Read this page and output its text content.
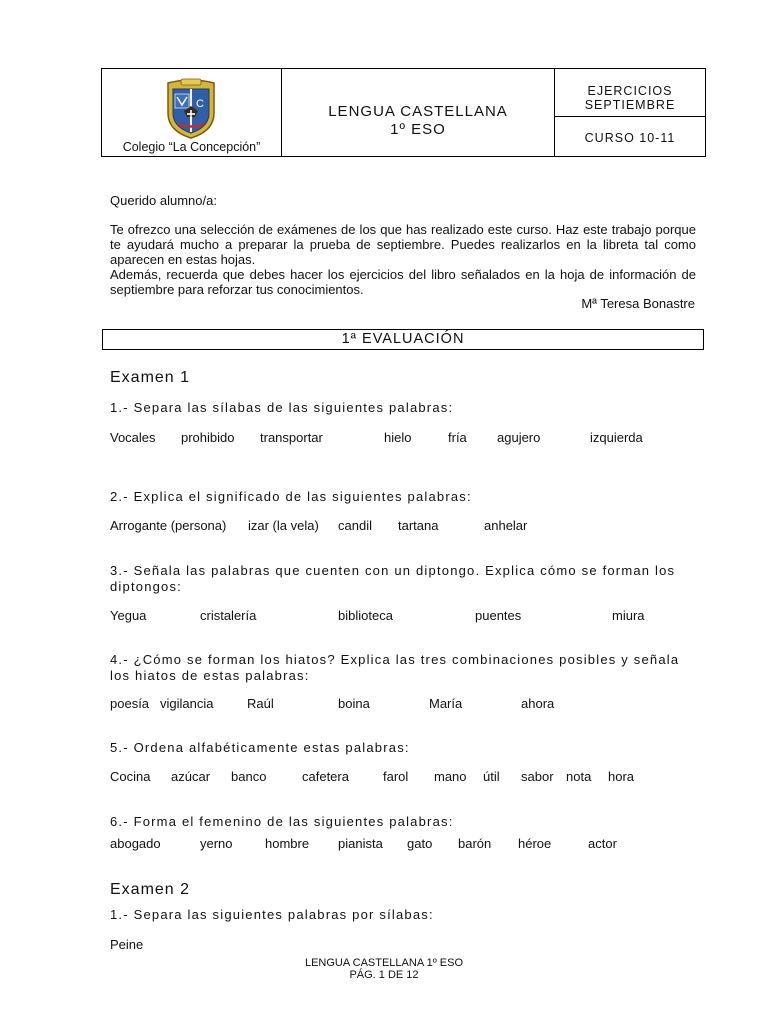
C
Colegio “La Concepción”
LENGUA CASTELLANA
1º ESO
EJERCICIOS
SEPTIEMBRE
CURSO 10-11
Querido alumno/a:
Te ofrezco una selección de exámenes de los que has realizado este curso. Haz este trabajo porque te ayudará mucho a preparar la prueba de septiembre. Puedes realizarlos en la libreta tal como aparecen en estas hojas.
Además, recuerda que debes hacer los ejercicios del libro señalados en la hoja de información de septiembre para reforzar tus conocimientos.
Mª Teresa Bonastre
1ª EVALUACIÓN
Examen 1
1.- Separa las sílabas de las siguientes palabras:
Vocales prohibido transportar	hielo	fría agujero	izquierda
2.- Explica el significado de las siguientes palabras:
Arrogante (persona) izar (la vela) candil tartana	anhelar
3.- Señala las palabras que cuenten con un diptongo. Explica cómo se forman los diptongos:
Yegua	cristalería	biblioteca	puentes	miura
4.- ¿Cómo se forman los hiatos? Explica las tres combinaciones posibles y señala los hiatos de estas palabras:
poesía vigilancia	Raúl	boina	María	ahora
5.- Ordena alfabéticamente estas palabras:
Cocina azúcar banco	cafetera	farol mano útil sabor nota hora
6.- Forma el femenino de las siguientes palabras:
abogado	yerno hombre pianista gato barón héroe	actor
Examen 2
1.- Separa las siguientes palabras por sílabas:
Peine
LENGUA CASTELLANA 1º ESO
PÁG. 1 DE 12
